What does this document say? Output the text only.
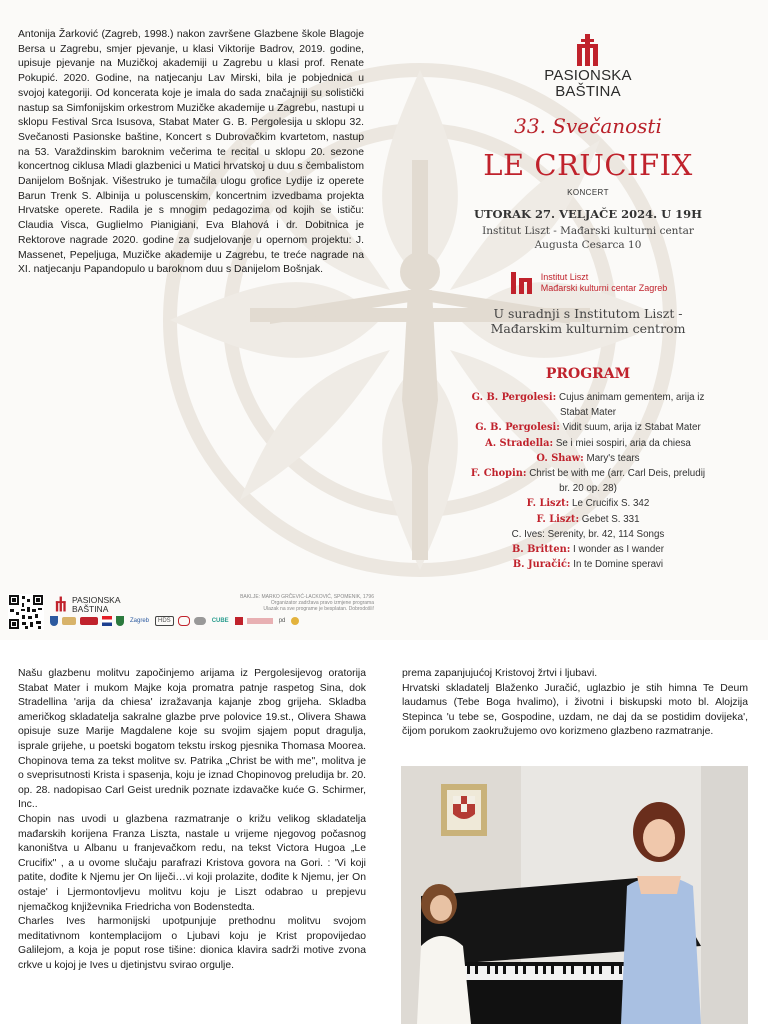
Antonija Žarković (Zagreb, 1998.) nakon završene Glazbene škole Blagoje Bersa u Zagrebu, smjer pjevanje, u klasi Viktorije Badrov, 2019. godine, upisuje pjevanje na Muzičkoj akademiji u Zagrebu u klasi prof. Renate Pokupić. 2020. Godine, na natjecanju Lav Mirski, bila je pobjednica u svojoj kategoriji. Od koncerata koje je imala do sada značajniji su solistički nastup sa Simfonijskim orkestrom Muzičke akademije u Zagrebu, nastupi u sklopu Festival Srca Isusova, Stabat Mater G. B. Pergolesija u sklopu 32. Svečanosti Pasionske baštine, Koncert s Dubrovačkim kvartetom, nastup na 53. Varaždinskim baroknim večerima te recital u sklopu 20. sezone koncertnog ciklusa Mladi glazbenici u Matici hrvatskoj u duu s čembalistom Danijelom Bošnjak. Višestruko je tumačila ulogu grofice Lydije iz operete Barun Trenk S. Albinija u poluscenskim, koncertnim izvedbama projekta Hrvatske operete. Radila je s mnogim pedagozima od kojih se ističu: Claudia Visca, Guglielmo Pianigiani, Eva Blahová i dr. Dobitnica je Rektorove nagrade 2020. godine za sudjelovanje u opernom projektu: J. Massenet, Pepeljuga, Muzičke akademije u Zagrebu, te treće nagrade na XI. natjecanju Papandopulo u baroknom duu s Danijelom Bošnjak.

PASIONSKA
BAŠTINA
33. Svečanosti
LE CRUCIFIX
KONCERT
UTORAK 27. VELJAČE 2024. U 19H
Institut Liszt - Mađarski kulturni centar
Augusta Cesarca 10
Institut Liszt
Mađarski kulturni centar Zagreb
U suradnji s Institutom Liszt -
Mađarskim kulturnim centrom
PROGRAM
G. B. Pergolesi: Cujus animam gementem, arija iz Stabat Mater
G. B. Pergolesi: Vidit suum, arija iz Stabat Mater
A. Stradella: Se i miei sospiri, aria da chiesa
O. Shaw: Mary's tears
F. Chopin: Christ be with me (arr. Carl Deis, preludij br. 20 op. 28)
F. Liszt: Le Crucifix S. 342
F. Liszt: Gebet S. 331
C. Ives: Serenity, br. 42, 114 Songs
B. Britten: I wonder as I wander
B. Juračić: In te Domine speravi
PASIONSKA
BAŠTINA
BAKLJE: MARKO GRČEVIĆ-LACKOVIĆ, SPOMENIK, 1796
Organizator zadržava pravo izmjene programa
Ulazak na sve programe je besplatan. Dobrodošli!
Zagreb	HDS	CUBE	pd

Našu glazbenu molitvu započinjemo arijama iz Pergolesijevog oratorija Stabat Mater i mukom Majke koja promatra patnje raspetog Sina, dok Stradellina 'arija da chiesa' izražavanja kajanje zbog grijeha. Skladba američkog skladatelja sakralne glazbe prve polovice 19.st., Olivera Shawa opisuje suze Marije Magdalene koje su svojim sjajem poput dragulja, isprale grijehe, u poetski bogatom tekstu irskog pjesnika Thomasa Moorea. Chopinova tema za tekst molitve sv. Patrika „Christ be with me", molitva je o sveprisutnosti Krista i spasenja, koju je iznad Chopinovog preludija br. 20. op. 28. nadopisao Carl Geist urednik poznate izdavačke kuće G. Schirmer, Inc..

Chopin nas uvodi u glazbena razmatranje o križu velikog skladatelja mađarskih korijena Franza Liszta, nastale u vrijeme njegovog počasnog kanoništva u Albanu u franjevačkom redu, na tekst Victora Hugoa „Le Crucifix" , a u ovome slučaju parafrazi Kristova govora na Gori. : 'Vi koji patite, dođite k Njemu jer On liječi…vi koji prolazite, dođite k Njemu, jer On ostaje' i Ljermontovljevu molitvu koju je Liszt odabrao u prepjevu njemačkog književnika Friedricha von Bodenstedta.

Charles Ives harmonijski upotpunjuje prethodnu molitvu svojom meditativnom kontemplacijom o Ljubavi koju je Krist propovijedao Galilejom, a koja je poput rose tišine: dionica klavira sadrži motive zvona crkve u kojoj je Ives u djetinjstvu svirao orgulje.

prema zapanjujućoj Kristovoj žrtvi i ljubavi.

Hrvatski skladatelj Blaženko Juračić, uglazbio je stih himna Te Deum laudamus (Tebe Boga hvalimo), i životni i biskupski moto bl. Alojzija Stepinca 'u tebe se, Gospodine, uzdam, ne daj da se postidim dovijeka', čijom porukom zaokružujemo ovo korizmeno glazbeno razmatranje.
